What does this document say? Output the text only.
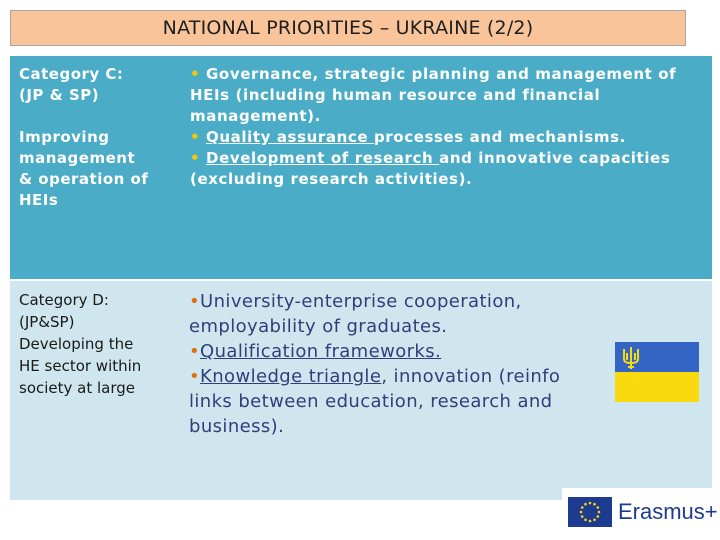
NATIONAL PRIORITIES – UKRAINE (2/2)
Category C:
(JP & SP)
Improving
management
& operation of
HEIs
• Governance, strategic planning and management of HEIs (including human resource and financial management).
• Quality assurance processes and mechanisms.
• Development of research and innovative capacities (excluding research activities).
Category D:
(JP&SP)
Developing the
HE sector within
society at large
•University-enterprise cooperation, employability of graduates.
•Qualification frameworks.
•Knowledge triangle, innovation (reinfo
links between education, research and
business).
Erasmus+
